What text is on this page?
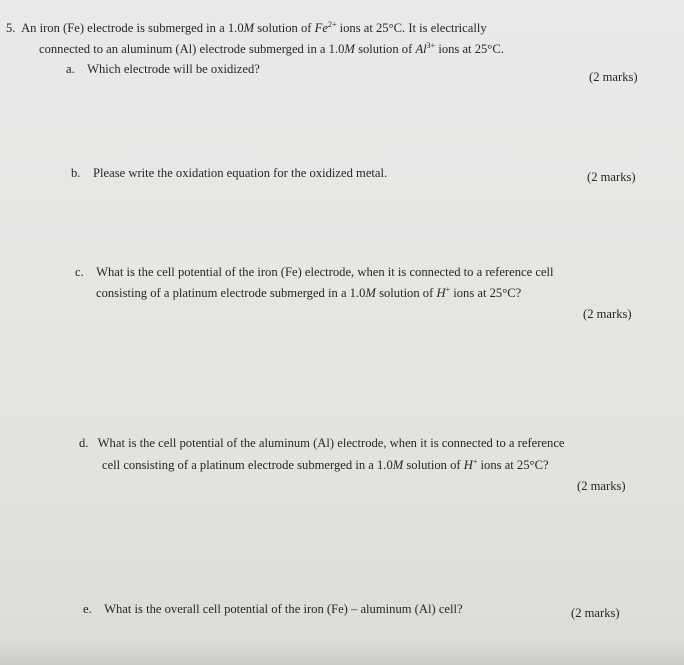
5. An iron (Fe) electrode is submerged in a 1.0M solution of $Fe^{2+}$ ions at 25°C. It is electrically
connected to an aluminum (Al) electrode submerged in a 1.0M solution of $Al^{3+}$ ions at 25°C.
a. Which electrode will be oxidized?
(2 marks)
b. Please write the oxidation equation for the oxidized metal.	(2 marks)
c. What is the cell potential of the iron (Fe) electrode, when it is connected to a reference cell
consisting of a platinum electrode submerged in a 1.0M solution of H+ ions at 25°C?
(2 marks)
d. What is the cell potential of the aluminum (Al) electrode, when it is connected to a reference
cell consisting of a platinum electrode submerged in a 1.0M solution of H+ ions at 25°C?
(2 marks)
e. What is the overall cell potential of the iron (Fe) – aluminum (Al) cell?	(2 marks)
